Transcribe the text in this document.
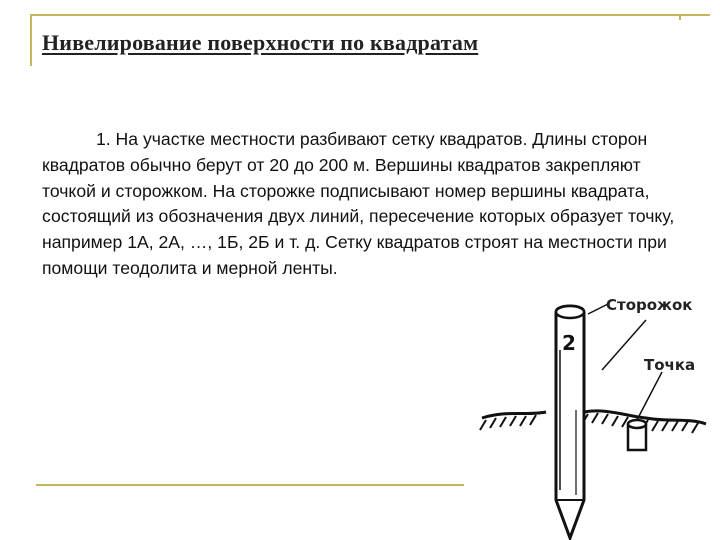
Нивелирование поверхности по квадратам

1. На участке местности разбивают сетку квадратов. Длины сторон квадратов обычно берут от 20 до 200 м. Вершины квадратов закрепляют точкой и сторожком. На сторожке подписывают номер вершины квадрата, состоящий из обозначения двух линий, пересечение которых образует точку, например 1А, 2А, …, 1Б, 2Б и т. д. Сетку квадратов строят на местности при помощи теодолита и мерной ленты.

2
Сторожок
Точка
